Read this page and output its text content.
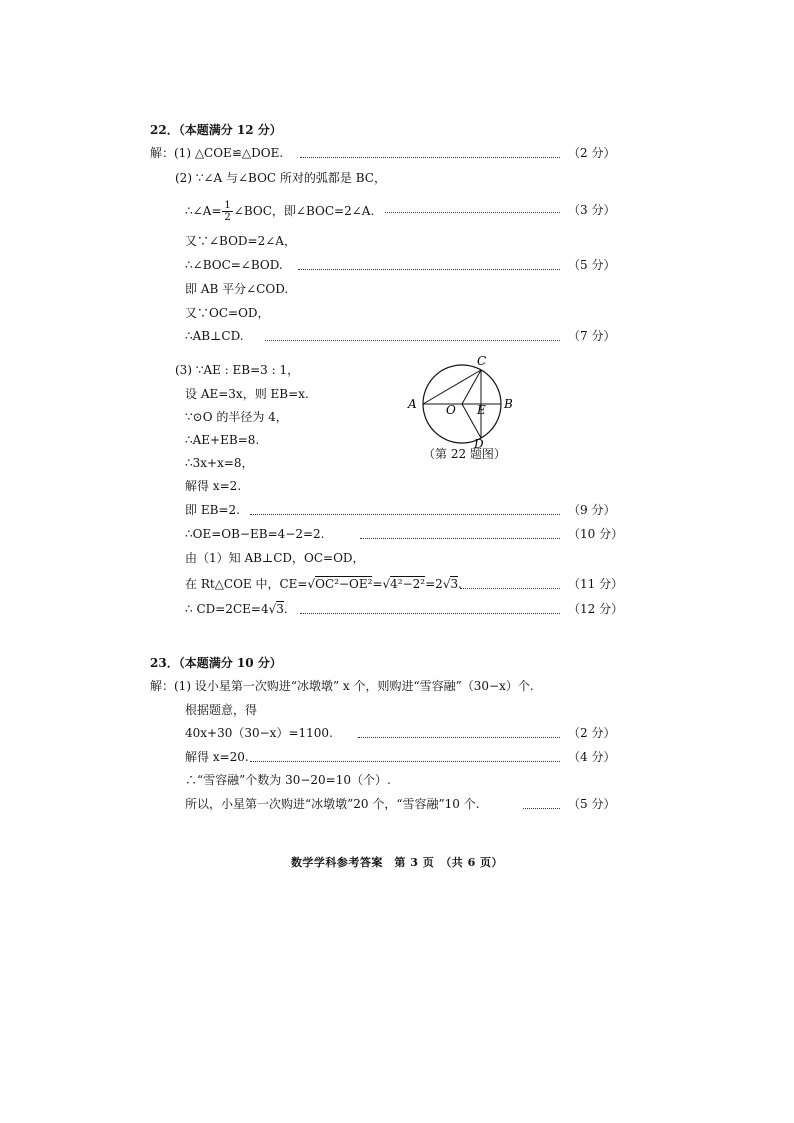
22．（本题满分 12 分）
解：(1) △COE≌△DOE.	（2 分）
(2) ∵∠A 与∠BOC 所对的弧都是 BC，
∴∠A= $\frac{1}{2}$ ∠BOC，即∠BOC=2∠A.	（3 分）
又∵∠BOD=2∠A，
∴∠BOC=∠BOD.	（5 分）
即 AB 平分∠COD.
又∵OC=OD，
∴AB⊥CD.	（7 分）
(3) ∵AE : EB=3 : 1，
设 AE=3x，则 EB=x.
∵⊙O 的半径为 4，
∴AE+EB=8.
∴3x+x=8，
解得 x=2.
即 EB=2.	（9 分）
∴OE=OB−EB=4−2=2.	（10 分）
由（1）知 AB⊥CD，OC=OD，
在 Rt△COE 中，CE=√OC²−OE²=√4²−2²=2√3.	（11 分）
∴ CD=2CE=4√3.	（12 分）
A	B
C
D
O E
（第 22 题图）
23．（本题满分 10 分）
解：(1) 设小星第一次购进“冰墩墩” x 个，则购进“雪容融”（30−x）个.
根据题意，得
40x+30（30−x）=1100.	（2 分）
解得 x=20.	（4 分）
∴“雪容融”个数为 30−20=10（个）.
所以，小星第一次购进“冰墩墩”20 个，“雪容融”10 个.	（5 分）
数学学科参考答案　第 3 页　（共 6 页）
